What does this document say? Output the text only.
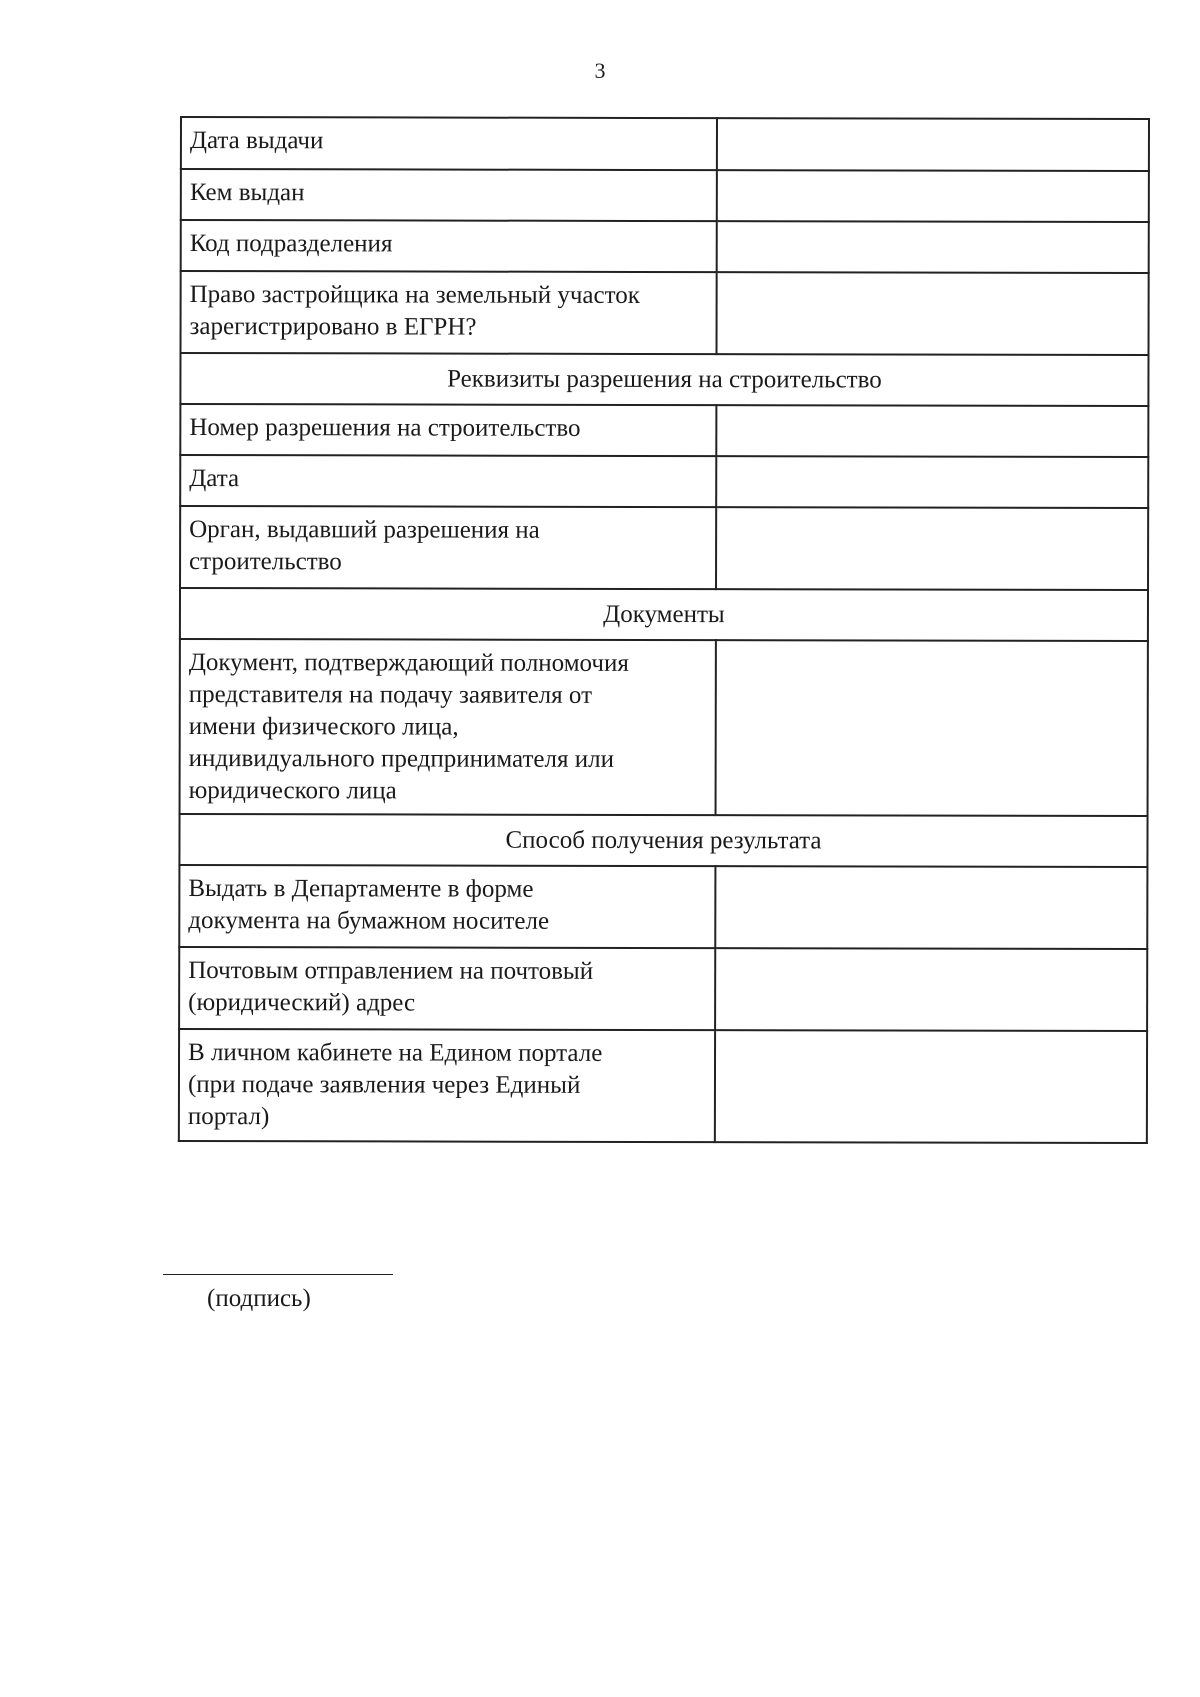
3
Дата выдачи	

Кем выдан	

Код подразделения	

Право застройщика на земельный участок
зарегистрировано в ЕГРН?	

Реквизиты разрешения на строительство	

Номер разрешения на строительство	

Дата	

Орган, выдавший разрешения на
строительство	

Документы	

Документ, подтверждающий полномочия
представителя на подачу заявителя от
имени физического лица,
индивидуального предпринимателя или
юридического лица	

Способ получения результата	

Выдать в Департаменте в форме
документа на бумажном носителе	

Почтовым отправлением на почтовый
(юридический) адрес	

В личном кабинете на Едином портале
(при подаче заявления через Единый
портал)	

(подпись)
